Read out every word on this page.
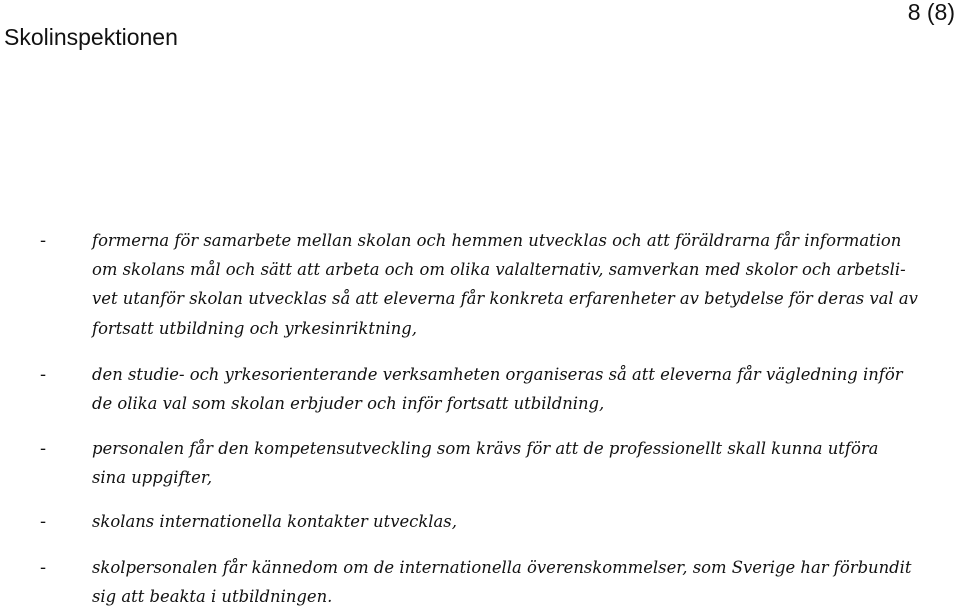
Skolinspektionen
8 (8)
-	formerna för samarbete mellan skolan och hemmen utvecklas och att föräldrarna får information
om skolans mål och sätt att arbeta och om olika valalternativ, samverkan med skolor och arbetsli-
vet utanför skolan utvecklas så att eleverna får konkreta erfarenheter av betydelse för deras val av
fortsatt utbildning och yrkesinriktning,
-	den studie- och yrkesorienterande verksamheten organiseras så att eleverna får vägledning inför
de olika val som skolan erbjuder och inför fortsatt utbildning,
-	personalen får den kompetensutveckling som krävs för att de professionellt skall kunna utföra
sina uppgifter,
-	skolans internationella kontakter utvecklas,
-	skolpersonalen får kännedom om de internationella överenskommelser, som Sverige har förbundit
sig att beakta i utbildningen.
